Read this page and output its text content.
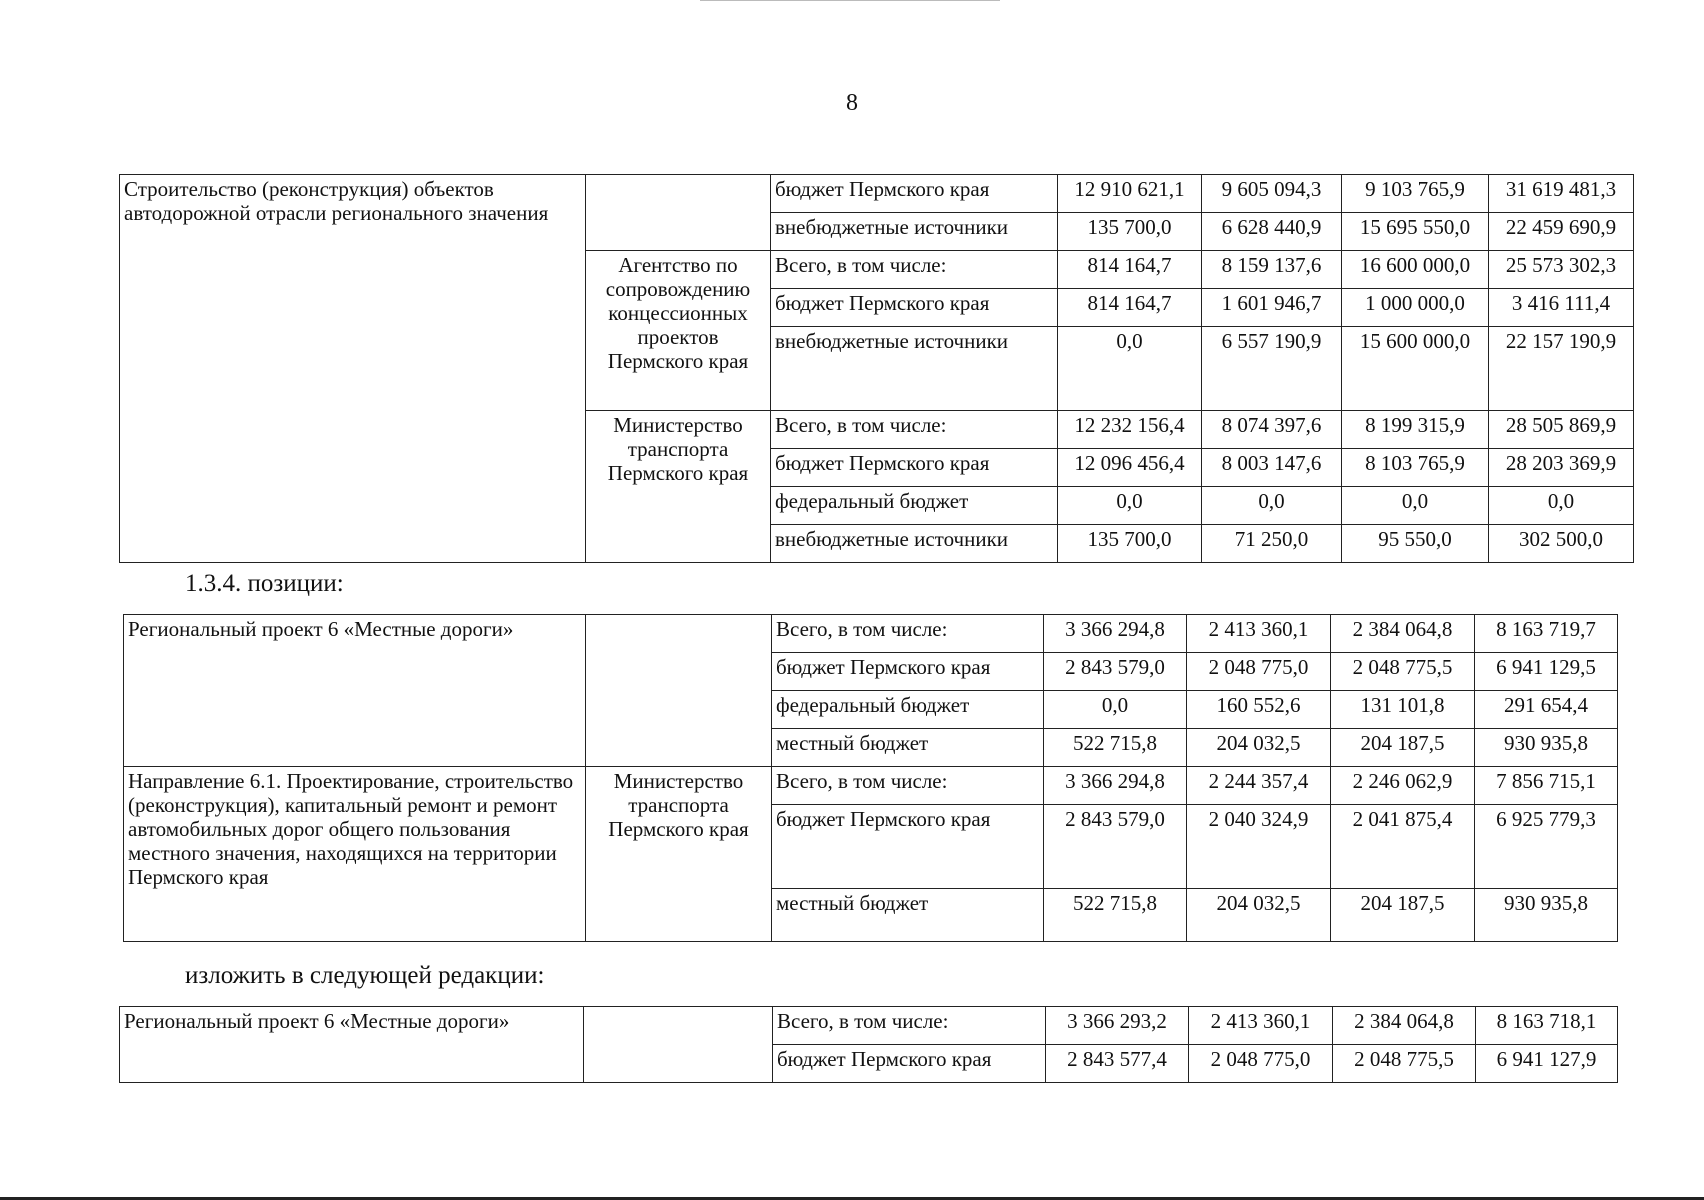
8
Строительство (реконструкция) объектов автодорожной отрасли регионального значения		бюджет Пермского края	12 910 621,1	9 605 094,3	9 103 765,9	31 619 481,3
		внебюджетные источники	135 700,0	6 628 440,9	15 695 550,0	22 459 690,9
	Агентство по сопровождению концессионных проектов Пермского края	Всего, в том числе:	814 164,7	8 159 137,6	16 600 000,0	25 573 302,3
		бюджет Пермского края	814 164,7	1 601 946,7	1 000 000,0	3 416 111,4
		внебюджетные источники	0,0	6 557 190,9	15 600 000,0	22 157 190,9
	Министерство транспорта Пермского края	Всего, в том числе:	12 232 156,4	8 074 397,6	8 199 315,9	28 505 869,9
		бюджет Пермского края	12 096 456,4	8 003 147,6	8 103 765,9	28 203 369,9
		федеральный бюджет	0,0	0,0	0,0	0,0
		внебюджетные источники	135 700,0	71 250,0	95 550,0	302 500,0
1.3.4. позиции:
Региональный проект 6 «Местные дороги»		Всего, в том числе:	3 366 294,8	2 413 360,1	2 384 064,8	8 163 719,7
		бюджет Пермского края	2 843 579,0	2 048 775,0	2 048 775,5	6 941 129,5
		федеральный бюджет	0,0	160 552,6	131 101,8	291 654,4
		местный бюджет	522 715,8	204 032,5	204 187,5	930 935,8
Направление 6.1. Проектирование, строительство (реконструкция), капитальный ремонт и ремонт автомобильных дорог общего пользования местного значения, находящихся на территории Пермского края	Министерство транспорта Пермского края	Всего, в том числе:	3 366 294,8	2 244 357,4	2 246 062,9	7 856 715,1
		бюджет Пермского края	2 843 579,0	2 040 324,9	2 041 875,4	6 925 779,3
		местный бюджет	522 715,8	204 032,5	204 187,5	930 935,8
изложить в следующей редакции:
Региональный проект 6 «Местные дороги»		Всего, в том числе:	3 366 293,2	2 413 360,1	2 384 064,8	8 163 718,1
		бюджет Пермского края	2 843 577,4	2 048 775,0	2 048 775,5	6 941 127,9
